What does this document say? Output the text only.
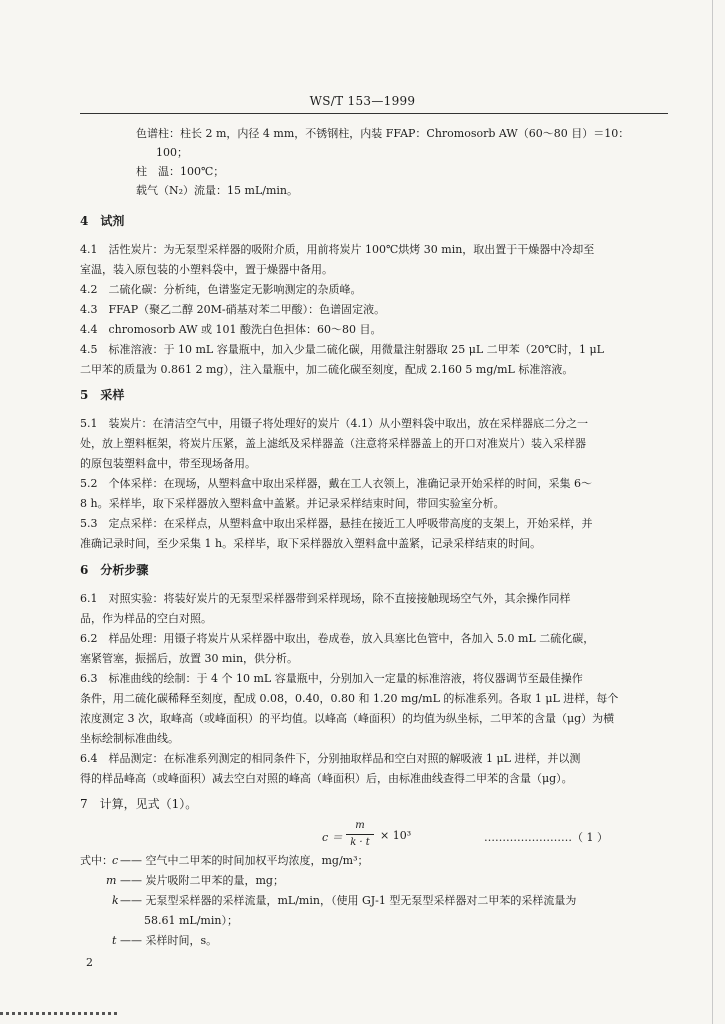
WS/T 153—1999
色谱柱：柱长 2 m，内径 4 mm，不锈钢柱，内装 FFAP：Chromosorb AW（60～80 目）＝10：
100；
柱　温：100℃；
载气（N₂）流量：15 mL/min。
4　试剂
4.1　活性炭片：为无泵型采样器的吸附介质，用前将炭片 100℃烘烤 30 min，取出置于干燥器中冷却至
室温，装入原包装的小塑料袋中，置于燥器中备用。
4.2　二硫化碳：分析纯，色谱鉴定无影响测定的杂质峰。
4.3　FFAP（聚乙二醇 20M-硝基对苯二甲酸）：色谱固定液。
4.4　chromosorb AW 或 101 酸洗白色担体：60～80 目。
4.5　标准溶液：于 10 mL 容量瓶中，加入少量二硫化碳，用微量注射器取 25 μL 二甲苯（20℃时，1 μL
二甲苯的质量为 0.861 2 mg），注入量瓶中，加二硫化碳至刻度，配成 2.160 5 mg/mL 标准溶液。
5　采样
5.1　装炭片：在清洁空气中，用镊子将处理好的炭片（4.1）从小塑料袋中取出，放在采样器底二分之一
处，放上塑料框架，将炭片压紧，盖上滤纸及采样器盖（注意将采样器盖上的开口对准炭片）装入采样器
的原包装塑料盒中，带至现场备用。
5.2　个体采样：在现场，从塑料盒中取出采样器，戴在工人衣领上，准确记录开始采样的时间，采集 6～
8 h。采样毕，取下采样器放入塑料盒中盖紧。并记录采样结束时间，带回实验室分析。
5.3　定点采样：在采样点，从塑料盒中取出采样器，悬挂在接近工人呼吸带高度的支架上，开始采样，并
准确记录时间，至少采集 1 h。采样毕，取下采样器放入塑料盒中盖紧，记录采样结束的时间。
6　分析步骤
6.1　对照实验：将装好炭片的无泵型采样器带到采样现场，除不直接接触现场空气外，其余操作同样
品，作为样品的空白对照。
6.2　样品处理：用镊子将炭片从采样器中取出，卷成卷，放入具塞比色管中，各加入 5.0 mL 二硫化碳，
塞紧管塞，振摇后，放置 30 min，供分析。
6.3　标准曲线的绘制：于 4 个 10 mL 容量瓶中，分别加入一定量的标准溶液，将仪器调节至最佳操作
条件，用二硫化碳稀释至刻度，配成 0.08，0.40，0.80 和 1.20 mg/mL 的标准系列。各取 1 μL 进样，每个
浓度测定 3 次，取峰高（或峰面积）的平均值。以峰高（峰面积）的均值为纵坐标，二甲苯的含量（μg）为横
坐标绘制标准曲线。
6.4　样品测定：在标准系列测定的相同条件下，分别抽取样品和空白对照的解吸液 1 μL 进样，并以测
得的样品峰高（或峰面积）减去空白对照的峰高（峰面积）后，由标准曲线查得二甲苯的含量（μg）。
7　计算，见式（1）。
c ＝
m
k · t
× 10³	……………………（ 1 ）
式中： c —— 空气中二甲苯的时间加权平均浓度，mg/m³；
m —— 炭片吸附二甲苯的量，mg；
k—— 无泵型采样器的采样流量，mL/min，（使用 GJ-1 型无泵型采样器对二甲苯的采样流量为
58.61 mL/min）；
t —— 采样时间，s。
2
